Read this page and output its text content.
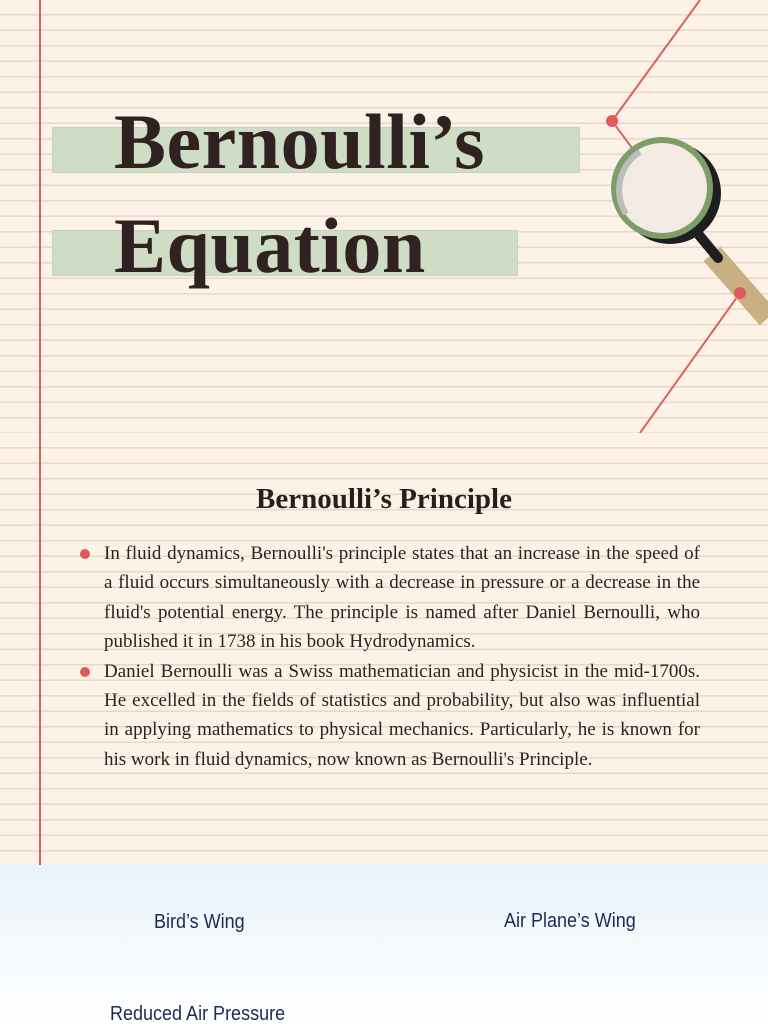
Bernoulli’s
Equation
Bernoulli’s Principle
In fluid dynamics, Bernoulli's principle states that an increase in the speed of a fluid occurs simultaneously with a decrease in pressure or a decrease in the fluid's potential energy. The principle is named after Daniel Bernoulli, who published it in 1738 in his book Hydrodynamics.
Daniel Bernoulli was a Swiss mathematician and physicist in the mid-1700s. He excelled in the fields of statistics and probability, but also was influential in applying mathematics to physical mechanics. Particularly, he is known for his work in fluid dynamics, now known as Bernoulli's Principle.
Bird’s Wing	Air Plane’s Wing
Reduced Air Pressure
